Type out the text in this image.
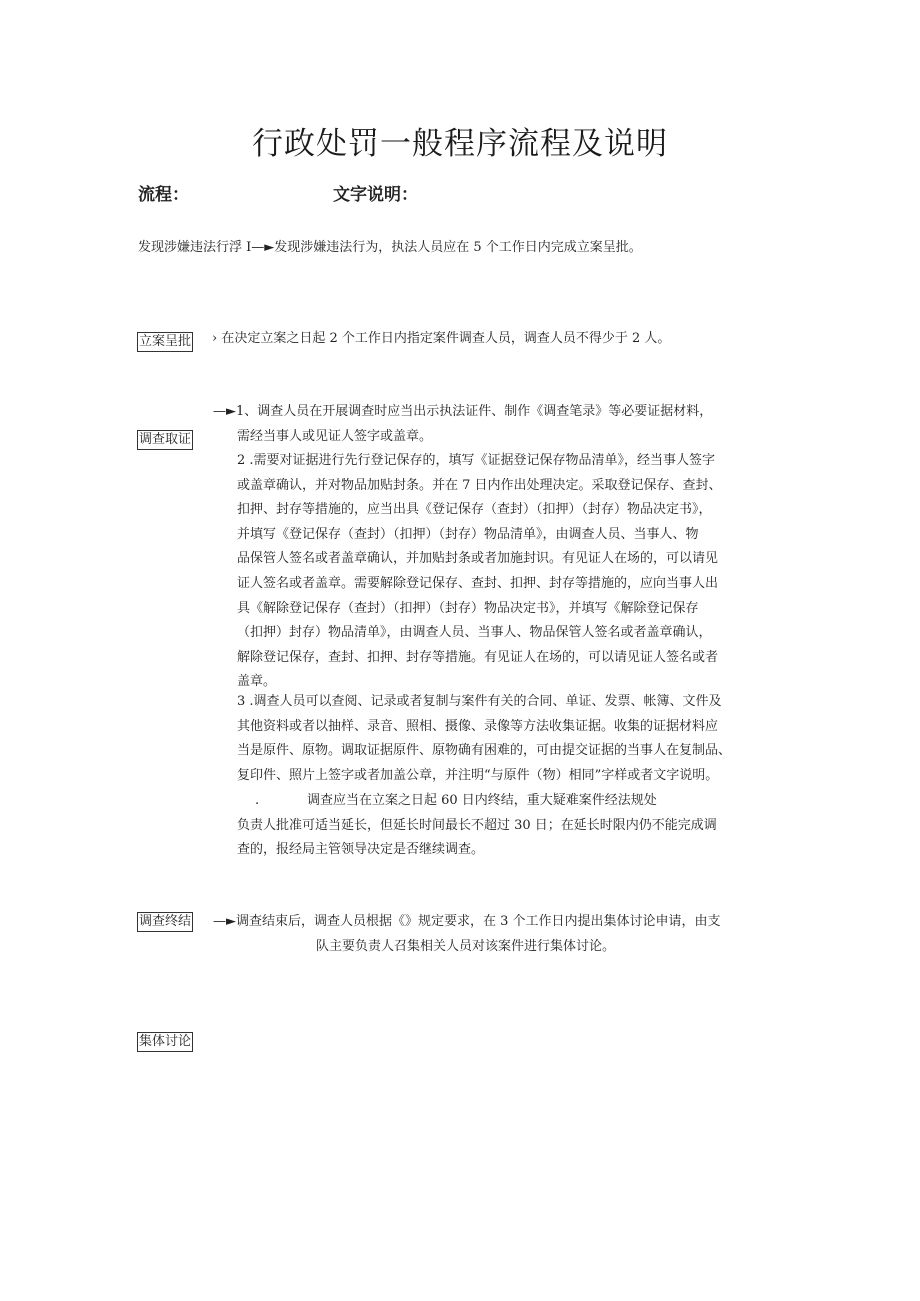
行政处罚一般程序流程及说明
流程：	文字说明：
发现涉嫌违法行浮 I—►发现涉嫌违法行为，执法人员应在 5 个工作日内完成立案呈批。
立案呈批 › 在决定立案之日起 2 个工作日内指定案件调查人员，调查人员不得少于 2 人。
调查取证
—►1、调查人员在开展调查时应当出示执法证件、制作《调查笔录》等必要证据材料，
需经当事人或见证人签字或盖章。
2 .需要对证据进行先行登记保存的，填写《证据登记保存物品清单》，经当事人签字
或盖章确认，并对物品加贴封条。并在 7 日内作出处理决定。采取登记保存、查封、
扣押、封存等措施的，应当出具《登记保存（查封）（扣押）（封存）物品决定书》，
并填写《登记保存（查封）（扣押）（封存）物品清单》，由调查人员、当事人、物
品保管人签名或者盖章确认，并加贴封条或者加施封识。有见证人在场的，可以请见
证人签名或者盖章。需要解除登记保存、查封、扣押、封存等措施的，应向当事人出
具《解除登记保存（查封）（扣押）（封存）物品决定书》，并填写《解除登记保存
（扣押）封存）物品清单》，由调查人员、当事人、物品保管人签名或者盖章确认，
解除登记保存，查封、扣押、封存等措施。有见证人在场的，可以请见证人签名或者
盖章。
3 .调查人员可以查阅、记录或者复制与案件有关的合同、单证、发票、帐簿、文件及
其他资料或者以抽样、录音、照相、摄像、录像等方法收集证据。收集的证据材料应
当是原件、原物。调取证据原件、原物确有困难的，可由提交证据的当事人在复制品、
复印件、照片上签字或者加盖公章，并注明“与原件（物）相同”字样或者文字说明。
.	调查应当在立案之日起 60 日内终结，重大疑难案件经法规处
负责人批准可适当延长，但延长时间最长不超过 30 日；在延长时限内仍不能完成调
查的，报经局主管领导决定是否继续调查。
调查终结 —►调查结束后，调查人员根据《》规定要求，在 3 个工作日内提出集体讨论申请，由支
队主要负责人召集相关人员对该案件进行集体讨论。
集体讨论
